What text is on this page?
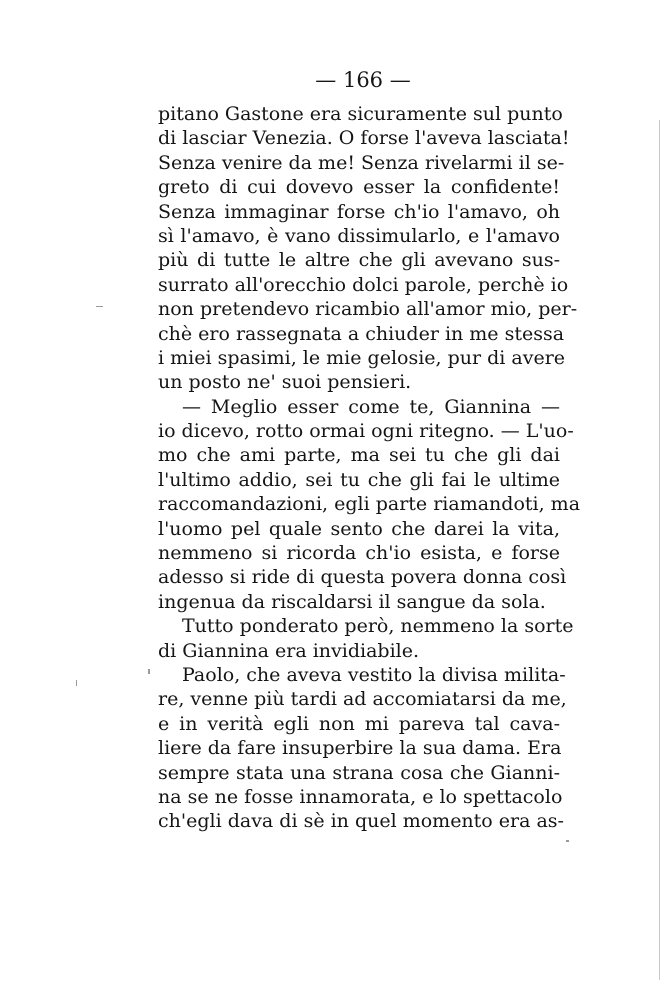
— 166 —
pitano Gastone era sicuramente sul punto
di lasciar Venezia. O forse l'aveva lasciata!
Senza venire da me! Senza rivelarmi il se-
greto di cui dovevo esser la confidente!
Senza immaginar forse ch'io l'amavo, oh
sì l'amavo, è vano dissimularlo, e l'amavo
più di tutte le altre che gli avevano sus-
surrato all'orecchio dolci parole, perchè io
non pretendevo ricambio all'amor mio, per-
chè ero rassegnata a chiuder in me stessa
i miei spasimi, le mie gelosie, pur di avere
un posto ne' suoi pensieri.
— Meglio esser come te, Giannina —
io dicevo, rotto ormai ogni ritegno. — L'uo-
mo che ami parte, ma sei tu che gli dai
l'ultimo addio, sei tu che gli fai le ultime
raccomandazioni, egli parte riamandoti, ma
l'uomo pel quale sento che darei la vita,
nemmeno si ricorda ch'io esista, e forse
adesso si ride di questa povera donna così
ingenua da riscaldarsi il sangue da sola.
Tutto ponderato però, nemmeno la sorte
di Giannina era invidiabile.
Paolo, che aveva vestito la divisa milita-
re, venne più tardi ad accomiatarsi da me,
e in verità egli non mi pareva tal cava-
liere da fare insuperbire la sua dama. Era
sempre stata una strana cosa che Gianni-
na se ne fosse innamorata, e lo spettacolo
ch'egli dava di sè in quel momento era as-
